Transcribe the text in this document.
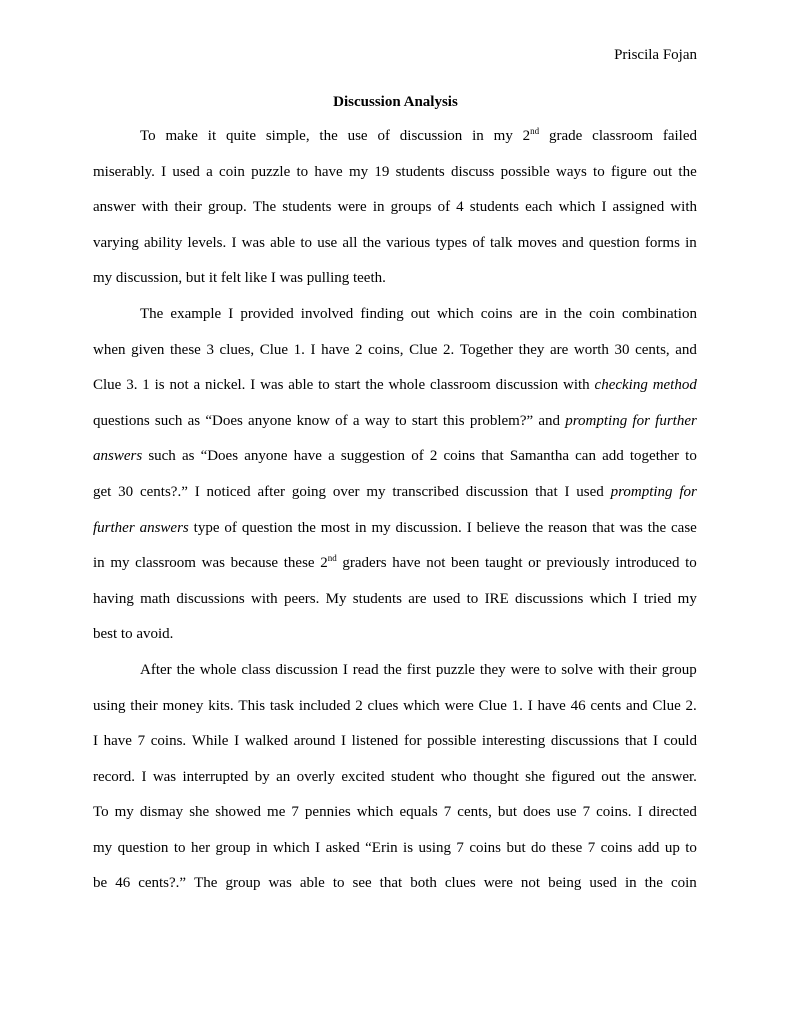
Priscila Fojan
Discussion Analysis
To make it quite simple, the use of discussion in my 2nd grade classroom failed
miserably. I used a coin puzzle to have my 19 students discuss possible ways to figure out the
answer with their group. The students were in groups of 4 students each which I assigned with
varying ability levels. I was able to use all the various types of talk moves and question forms in
my discussion, but it felt like I was pulling teeth.
The example I provided involved finding out which coins are in the coin combination
when given these 3 clues, Clue 1. I have 2 coins, Clue 2. Together they are worth 30 cents, and
Clue 3. 1 is not a nickel. I was able to start the whole classroom discussion with checking method
questions such as “Does anyone know of a way to start this problem?” and prompting for further
answers such as “Does anyone have a suggestion of 2 coins that Samantha can add together to
get 30 cents?.” I noticed after going over my transcribed discussion that I used prompting for
further answers type of question the most in my discussion. I believe the reason that was the case
in my classroom was because these 2nd graders have not been taught or previously introduced to
having math discussions with peers. My students are used to IRE discussions which I tried my
best to avoid.
After the whole class discussion I read the first puzzle they were to solve with their group
using their money kits. This task included 2 clues which were Clue 1. I have 46 cents and Clue 2.
I have 7 coins. While I walked around I listened for possible interesting discussions that I could
record. I was interrupted by an overly excited student who thought she figured out the answer.
To my dismay she showed me 7 pennies which equals 7 cents, but does use 7 coins. I directed
my question to her group in which I asked “Erin is using 7 coins but do these 7 coins add up to
be 46 cents?.” The group was able to see that both clues were not being used in the coin
